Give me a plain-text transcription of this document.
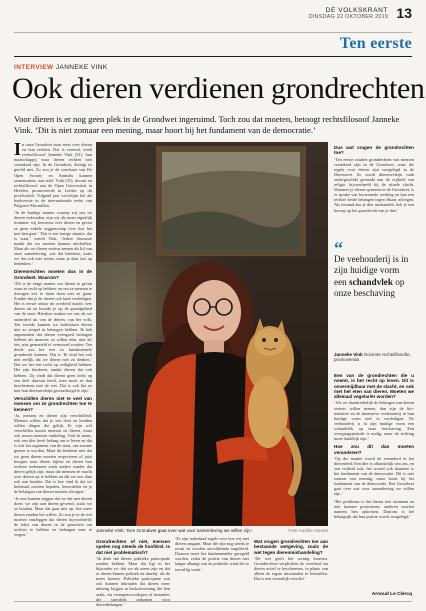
DE VOLKSKRANT
DINSDAG 22 OKTOBER 2019 13
Ten eerste
INTERVIEW JANNEKE VINK
Ook dieren verdienen grondrechten
Voor dieren is er nog geen plek in de Grondwet ingeruimd. Toch zou dat moeten, betoogt rechtsfilosoof Janneke Vink. ‘Dit is niet zomaar een mening, maar hoort bij het fundament van de democratie.’

In onze Grondwet staat niets over dieren en hun rechten. Dat is vreemd, vindt rechtsfilosoof Janneke Vink (31): hun maatschappij waar dieren rechten niet verankerd zijn. In de Grondwet, dwingt zo geröld niet. Zo zou je de conclusie van De Open Society en Animals kunnen samenvatten, aan tafel. Vink (31), docent en rechtsfilosoof aan de Open Universiteit in Heerlen, promoveerde in Leiden op dit proefschrift. Volgend jaar verschijnt het als boekversie in de internationale reeks van Palgrave Macmillan.

‘In de huidige manier waarop wij ons tot dieren verhouden, zijn wij als mens eigenlijk tirannen: wij beroeren over dieren en geven ze geen enkele zeggenschap over hoe het met hen gaat.’ ‘Dat is een lastige situatie, dat is waar,’ vertelt Vink. ‘Iedere discussie maakt dat we moeten kunnen afschaffen. Maar als we dieren serieus nemen als lid van onze samenleving, wat dat betekent, zoals we dat ook niet weten, maar je daar iets op bedenken.’

Dierenrechten moeten dus in de Grondwet. Waarom?

‘Dit is de enige manier om dieren te geven waar ze recht op hebben: en om ze mensen te dwingen iets te laten doen met ze gaan. Zonder dat je de dieren ook kunt verdedigen. Het is eerste sektor de overheid macht over dieren uit en hoorde je op de grondgebied van de staat. Hierdoor maken we ons als we onderdeel uit van de dieren, van het volk. Ten tweede kunnen we individuen dieren niet zo simpel in belangen hebben. Ik heb argumenten dat dieren evengoed belangen hebben als mensen; ze willen eten, niet als iets, niet gemarteld of vermoord worden. Ten derde zou het een zo fundamentele grondrecht kunnen. Dat is ‘Ik vind het ook niet eerlijk dat we dieren niet zo denken.’ Dat we het een recht op veiligheid hebben. Het zijn kinderen, omdat dieren dat ook hebben. Zij vindt dat dieren geen recht op een deel daarvan heeft, men moet ze dan beschermen met de wet. Dat is ook het zo met hun dierenwelzijn gewaarborgd te zijn.’

Verschillen dieren niet te veel van mensen om ze grondrechten toe te kennen?

‘Ja, mensen en dieren zijn verschillend. Mensen willen dat je iets doet en honden willen dingen die gelijk. Er zijn wel verschillen tussen mensen en dieren, maar ook tussen mensen onderling. Ook de mens, ook een dier heeft belang om te leven en dat is ook het argument van de staat, om zomaar gezien te worden. Maar dit betekent niet dat we geen dieren moeten respecteren of juist hoogste naar dieren kijken en dieren hun rechten toekennen zoals andere zonder dat dieren gelijk zijn, maar dat mensen de macht over dieren op te hebben en dat we ons daar ook aan houden. Dat is hoe vind ik dat we helemaal moeten bepalen, beoordelen en je de belangen van dieren moeten afwegen.’

‘Je zou kunnen zeggen dat we dat met dieren doen: we zijn aan dieren gewend, zoals we ze houden. Maar dat gaat niet op, hoe meer dieren zouden het willen. Zo zou je in de wet moeten vastleggen dat dieren bijvoorbeeld: de tekst van dieren in de grondwet om rechten te hebben en belangen mee te wegen.’

Janneke Vink: ‘Een Grondwet gaat over wat voor samenleving we willen zijn.’	Foto Aurélie Geurts
Grondrechten of niet, mensen spelen nog steeds de hoofdrol. Is dat niet problematisch?

‘Ik denk dat dieren politieke participatie zouden hebben. Maar dat ligt in het bijzonder zo: dat we als mens zijn en dat er dieren binnen politiek en daarbij: als de mens komen. Politieke participatie zou ook kunnen inhouden dat dieren meer inbreng krijgen in besluitvorming die hen raakt, via vertegenwoordigers of instanties die specifiek opkomen voor dierenbelangen.’

‘Er zijn inderdaad regels voor hoe wij met dieren omgaan. Maar die zijn nog steeds te zwak en worden onvoldoende nageleefd. Daarom moet het fundamenteler geregeld worden, zodat de positie van dieren niet langer afhangt van de politieke wind die er toevallig waait.’

Wat vragen grondrechten toe aan bestaande wetgeving, zoals de wet tegen dierenmishandeling?

‘De wet geeft het weinig houvast. Grondrechten verplichten de overheid om dieren actief te beschermen, in plaats van alleen de ergste misstanden te bestraffen. Dat is een wezenlijk verschil.’

Dus wat vragen de grondrechten toe?

‘Ten eerste zouden grondrechten van mensen verankerd zijn in de Grondwet, waar die regels voor dieren zijn vastgelegd in de Dierenwet. Zo wordt dierenwelzijn vaak ondergeschikt gemaakt aan de vrijheid van religie, bijvoorbeeld bij de rituele slacht. Wanneer je dieren opneemt in de Grondwet, is er sprake van horizontale werking en kan een rechter beide belangen tegen elkaar afwegen. Als iemand dus je dier mishandelt, heb je een beroep op het grondrecht van je dier.’

“
De veehouderij is in zijn huidige vorm een schandvlek op onze beschaving
Janneke Vink Docente rechtsfilosofie, promovenda
Een van de grondrechten die u noemt, is het recht op leven. Dit is onvermijdbaar met de slacht, en ook met het eten van dieren. Moeten we allemaal vegetariër worden?

‘Als we daadwerkelijk de belangen van dieren serieus willen nemen, dan zijn de bio-industrie en de intensieve veehouderij in hun huidige vorm niet te verdedigen. De veehouderij is in zijn huidige vorm een schandvlek op onze beschaving. Een overgangsperiode is nodig, maar de richting moet duidelijk zijn.’

Hoe zou dit dan moeten veranderen?

‘Op die manier wordt de veranderd in het dierenleed; Een dier is afhankelijk van ons, en een vrijheid ook, het woord ook daarmee is het fundament van de democratie. Dit is niet zomaar een mening, maar hoort bij het fundament van de democratie. Een Grondwet gaat over wat voor samenleving we willen zijn.’

‘Het probleem is dat dieren niet stemmen en niet kunnen protesteren; anderen moeten namens hen opkomen. Daarom is het belangrijk dat hun positie wordt vastgelegd.’

Arnoud Le Clercq
